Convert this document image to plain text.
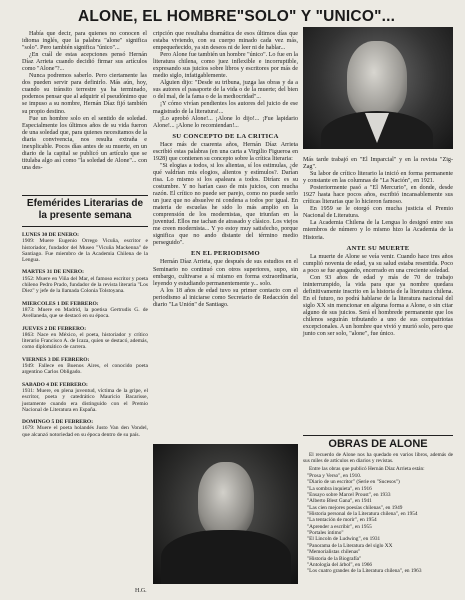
ALONE, EL HOMBRE"SOLO" Y "UNICO"...

Había que decir, para quienes no conocen el idioma inglés, que la palabra "alone" significa "solo". Pero también significa "único"...

¿En cuál de estas acepciones pensó Hernán Díaz Arrieta cuando decidió firmar sus artículos como "Alone"?...

Nunca podremos saberlo. Pero ciertamente las dos pueden servir para definirlo. Más aún, hoy, cuando su tránsito terrestre ya ha terminado, podemos pensar que al adquirir el pseudónimo que se impuso a su nombre, Hernán Díaz fijó también su propio destino.

Fue un hombre solo en el sentido de soledad. Especialmente los últimos años de su vida fueron de una soledad que, para quienes necesitamos de la diaria convivencia, nos resulta extraña e inexplicable. Pocos días antes de su muerte, en un diario de la capital se publicó un artículo que se titulaba algo así como "la soledad de Alone"... con una des-

Efemérides Literarias de la presente semana
LUNES 30 DE ENERO:
1909: Muere Eugenio Orrego Vicuña, escritor e historiador, fundador del Museo "Vicuña Mackenna" de Santiago. Fue miembro de la Academia Chilena de la Lengua.
MARTES 31 DE ENERO:
1952: Muere en Viña del Mar, el famoso escritor y poeta chileno Pedro Prado, fundador de la revista literaria "Los Diez" y jefe de la llamada Colonia Tolstoyana.
MIERCOLES 1 DE FEBRERO:
1873: Muere en Madrid, la poetisa Gertrudis G. de Avellaneda, que se destacó en su época.
JUEVES 2 DE FEBRERO:
1863: Nace en México, el poeta, historiador y crítico literario Francisco A. de Icaza, quien se destacó, además, como diplomático de carrera.
VIERNES 3 DE FEBRERO:
1949: Fallece en Buenos Aires, el conocido poeta argentino Carlos Obligado.
SABADO 4 DE FEBRERO:
1931: Muere, en plena juventud, víctima de la gripe, el escritor, poeta y catedrático Mauricio Bacarisse, justamente cuando era distinguido con el Premio Nacional de Literatura en España.
DOMINGO 5 DE FEBRERO:
1679: Muere el poeta holandés Justo Van den Vondel, que alcanzó notoriedad en su época dentro de su país.
H.G.

cripción que resultaba dramática de esos últimos días que estaba viviendo, con su cuerpo minado cada vez más, empequeñecido, ya sin deseos ni de leer ni de hablar...

Pero Alone fue también un hombre "único". Lo fue en la literatura chilena, como juez inflexible e incorruptible, expresando sus juicios sobre libros y escritores por más de medio siglo, infatigablemente.

Alguien dijo: "Desde su tribuna, juzga las obras y da a sus autores el pasaporte de la vida o de la muerte; del bien o del mal, de la fama o de la mediocridad"...

¡Y cómo vivían pendientes los autores del juicio de ese magistrado de la literatura!...

¡Lo aprobó Alone!... ¡Alone lo dijo!... ¡Fue lapidario Alone!... ¡Alone lo recomiendan!...

SU CONCEPTO DE LA CRITICA

Hace más de cuarenta años, Hernán Díaz Arrieta escribió estas palabras (en una carta a Virgilio Figueroa en 1928) que contienen su concepto sobre la crítica literaria:

"Si elogias a todos, si los alientas, sí los estimulas, ¿de qué valdrían mis elogios, alientos y estímulos?. Darían risa. Lo mismo si los apaleara a todos. Dirían: es su costumbre. Y no harían caso de mis juicios, con mucha razón. El crítico no puede ser parejo, como no puede serlo un juez que no absuelve ni condena a todos por igual. En materia de escuelas he sido lo más amplio en la comprensión de los modernistas, que triunfan en la juventud. Ellos me tachan de atrasado y clásico. Los viejos me creen modernista... Y yo estoy muy satisfecho, porque significa que no ando distante del término medio perseguido".

EN EL PERIODISMO

Hernán Díaz Arrieta, que después de sus estudios en el Seminario no continuó con otros superiores, supo, sin embargo, cultivarse a sí mismo en forma extraordinaria, leyendo y estudiando permanentemente y... solo.

A los 18 años de edad tuvo su primer contacto con el periodismo al iniciarse como Secretario de Redacción del diario "La Unión" de Santiago.

Más tarde trabajó en "El Imparcial" y en la revista "Zig-Zag".

Su labor de crítico literario la inició en forma permanente y constante en las columnas de "La Nación", en 1921.

Posteriormente pasó a "El Mercurio", en donde, desde 1927 hasta hace pocos años, escribió incansablemente sus críticas literarias que lo hicieron famoso.

En 1959 se le otorgó con mucha justicia el Premio Nacional de Literatura.

La Academia Chilena de la Lengua lo designó entre sus miembros de número y lo mismo hizo la Academia de la Historia.

ANTE SU MUERTE

La muerte de Alone se veía venir. Cuando hace tres años cumplió noventa de edad, ya su salud estaba resentida. Poco a poco se fue apagando, encerrado en una creciente soledad.

Con 93 años de edad y más de 70 de trabajo ininterrumpido, la vida para que ya nombre quedara definitivamente inscrito en la historia de la literatura chilena. En el futuro, no podrá hablarse de la literatura nacional del siglo XX sin mencionar en alguna forma a Alone, o sin citar alguno de sus juicios. Será el hombrede permanente que los chilenos seguirán tributando a uno de sus compatriotas excepcionales. A un hombre que vivió y murió solo, pero que junto con ser solo, "alone", fue único.

OBRAS DE ALONE

El recuerdo de Alone nos ha quedado en varios libros, además de sus miles de artículos en diarios y revistas.

Entre las obras que publicó Hernán Díaz Arrieta están:

"Prosa y Verso", en 1910.
"Diario de un escritor" (Serie en "Sucesos")
"La sombra inquieta", en 1916
"Ensayo sobre Marcel Proust", en 1933
"Alberto Blest Gana", en 1941
"Las cien mejores poesías chilenas", en 1949
"Historia personal de la Literatura chilena", en 1954
"La tentación de morir", en 1954
"Aprender a escribir", en 1955
"Portales íntimo"
"El Lincoln de Ludwing", en 1931
"Panorama de la Literatura del siglo XX
"Memorialistas chilenas"
"Historia de la Biografía"
"Antología del árbol", en 1966
"Los cuatro grandes de la Literatura chilena", en 1963
